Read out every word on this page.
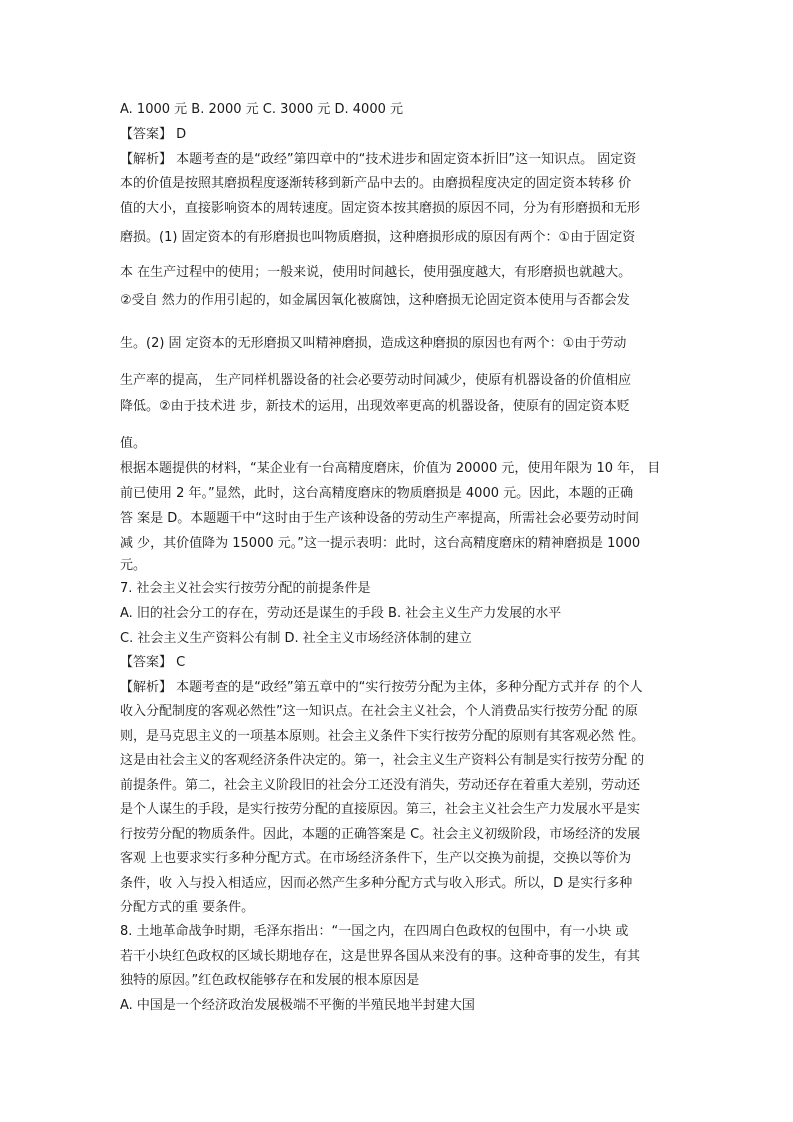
A. 1000 元 B. 2000 元 C. 3000 元 D. 4000 元
【答案】 D
【解析】 本题考查的是“政经”第四章中的“技术进步和固定资本折旧”这一知识点。 固定资
本的价值是按照其磨损程度逐渐转移到新产品中去的。由磨损程度决定的固定资本转移 价
值的大小，直接影响资本的周转速度。固定资本按其磨损的原因不同，分为有形磨损和无形
磨损。(1) 固定资本的有形磨损也叫物质磨损，这种磨损形成的原因有两个：①由于固定资
本 在生产过程中的使用；一般来说，使用时间越长，使用强度越大，有形磨损也就越大。
②受自 然力的作用引起的，如金属因氧化被腐蚀，这种磨损无论固定资本使用与否都会发
生。(2) 固 定资本的无形磨损又叫精神磨损，造成这种磨损的原因也有两个：①由于劳动
生产率的提高， 生产同样机器设备的社会必要劳动时间减少，使原有机器设备的价值相应
降低。②由于技术进 步，新技术的运用，出现效率更高的机器设备，使原有的固定资本贬
值。
根据本题提供的材料，“某企业有一台高精度磨床，价值为 20000 元，使用年限为 10 年， 目
前已使用 2 年。”显然，此时，这台高精度磨床的物质磨损是 4000 元。因此，本题的正确
答 案是 D。本题题干中“这时由于生产该种设备的劳动生产率提高，所需社会必要劳动时间
减 少，其价值降为 15000 元。”这一提示表明：此时，这台高精度磨床的精神磨损是 1000
元。
7. 社会主义社会实行按劳分配的前提条件是
A. 旧的社会分工的存在，劳动还是谋生的手段 B. 社会主义生产力发展的水平
C. 社会主义生产资料公有制 D. 社全主义市场经济体制的建立
【答案】 C
【解析】 本题考查的是“政经”第五章中的“实行按劳分配为主体，多种分配方式并存 的个人
收入分配制度的客观必然性”这一知识点。在社会主义社会，个人消费品实行按劳分配 的原
则，是马克思主义的一项基本原则。社会主义条件下实行按劳分配的原则有其客观必然 性。
这是由社会主义的客观经济条件决定的。第一，社会主义生产资料公有制是实行按劳分配 的
前提条件。第二，社会主义阶段旧的社会分工还没有消失，劳动还存在着重大差别，劳动还
是个人谋生的手段，是实行按劳分配的直接原因。第三，社会主义社会生产力发展水平是实
行按劳分配的物质条件。因此，本题的正确答案是 C。社会主义初级阶段，市场经济的发展
客观 上也要求实行多种分配方式。在市场经济条件下，生产以交换为前提，交换以等价为
条件，收 入与投入相适应，因而必然产生多种分配方式与收入形式。所以，D 是实行多种
分配方式的重 要条件。
8. 土地革命战争时期，毛泽东指出：“一国之内，在四周白色政权的包围中，有一小块 或
若干小块红色政权的区域长期地存在，这是世界各国从来没有的事。这种奇事的发生，有其
独特的原因。”红色政权能够存在和发展的根本原因是
A. 中国是一个经济政治发展极端不平衡的半殖民地半封建大国
